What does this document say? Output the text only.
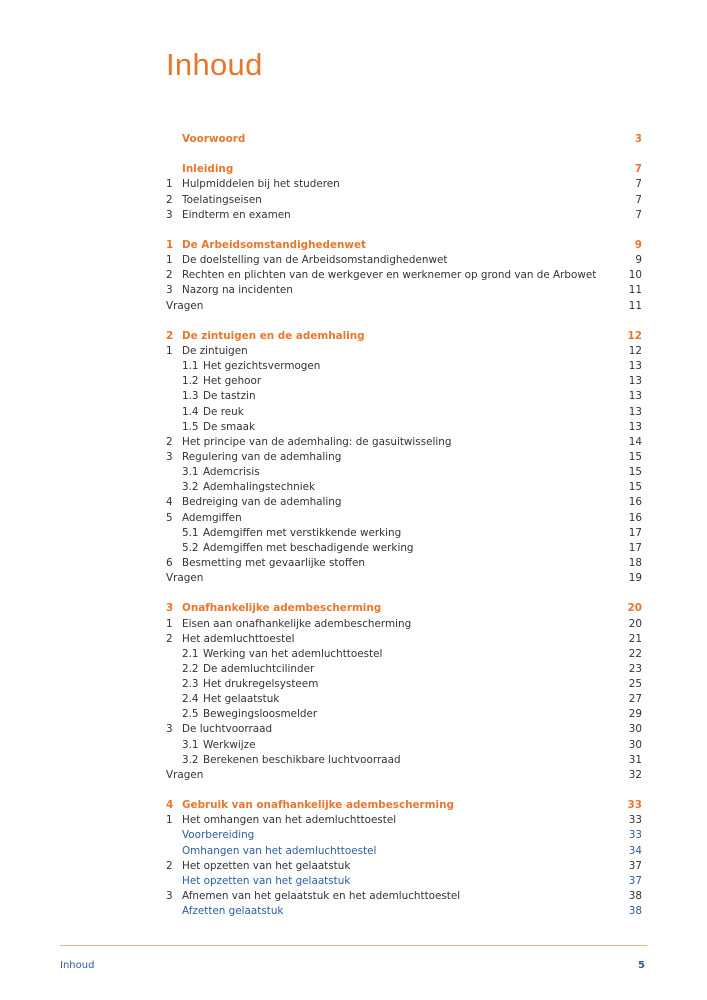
Inhoud
Voorwoord	3
Inleiding	7
1 Hulpmiddelen bij het studeren	7
2 Toelatingseisen	7
3 Eindterm en examen	7
1 De Arbeidsomstandighedenwet	9
1 De doelstelling van de Arbeidsomstandighedenwet	9
2 Rechten en plichten van de werkgever en werknemer op grond van de Arbowet	10
3 Nazorg na incidenten	11
Vragen	11
2 De zintuigen en de ademhaling	12
1 De zintuigen	12
1.1 Het gezichtsvermogen	13
1.2 Het gehoor	13
1.3 De tastzin	13
1.4 De reuk	13
1.5 De smaak	13
2 Het principe van de ademhaling: de gasuitwisseling	14
3 Regulering van de ademhaling	15
3.1 Ademcrisis	15
3.2 Ademhalingstechniek	15
4 Bedreiging van de ademhaling	16
5 Ademgiffen	16
5.1 Ademgiffen met verstikkende werking	17
5.2 Ademgiffen met beschadigende werking	17
6 Besmetting met gevaarlijke stoffen	18
Vragen	19
3 Onafhankelijke adembescherming	20
1 Eisen aan onafhankelijke adembescherming	20
2 Het ademluchttoestel	21
2.1 Werking van het ademluchttoestel	22
2.2 De ademluchtcilinder	23
2.3 Het drukregelsysteem	25
2.4 Het gelaatstuk	27
2.5 Bewegingsloosmelder	29
3 De luchtvoorraad	30
3.1 Werkwijze	30
3.2 Berekenen beschikbare luchtvoorraad	31
Vragen	32
4 Gebruik van onafhankelijke adembescherming	33
1 Het omhangen van het ademluchttoestel	33
Voorbereiding	33
Omhangen van het ademluchttoestel	34
2 Het opzetten van het gelaatstuk	37
Het opzetten van het gelaatstuk	37
3 Afnemen van het gelaatstuk en het ademluchttoestel	38
Afzetten gelaatstuk	38
Inhoud	5
